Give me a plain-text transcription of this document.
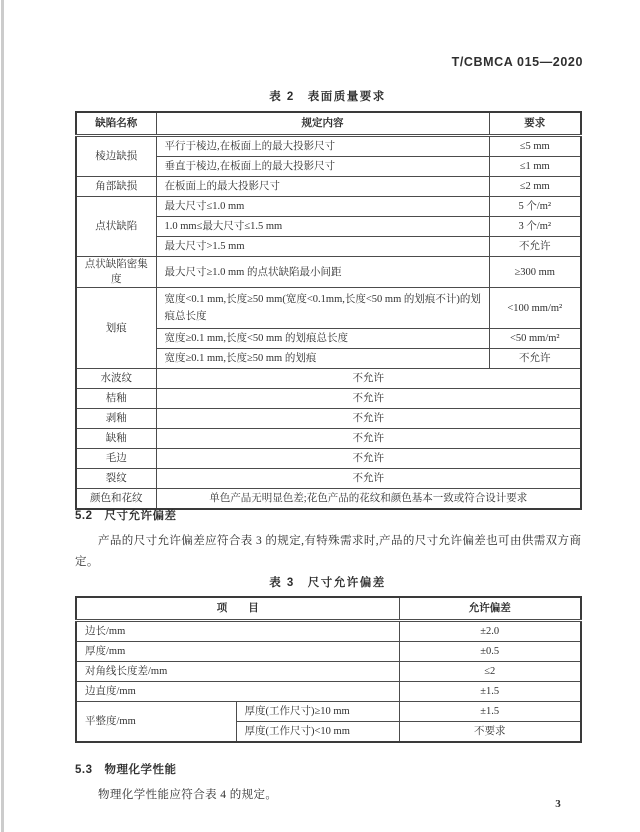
T/CBMCA 015—2020
表 2　表面质量要求
缺陷名称	规定内容	要求
棱边缺损	平行于棱边,在板面上的最大投影尺寸	≤5 mm
	垂直于棱边,在板面上的最大投影尺寸	≤1 mm
角部缺损	在板面上的最大投影尺寸	≤2 mm
点状缺陷	最大尺寸≤1.0 mm	5 个/m²
	1.0 mm≤最大尺寸≤1.5 mm	3 个/m²
	最大尺寸>1.5 mm	不允许
点状缺陷密集度	最大尺寸≥1.0 mm 的点状缺陷最小间距	≥300 mm
划痕	宽度<0.1 mm,长度≥50 mm(宽度<0.1mm,长度<50 mm 的划痕不计)的划痕总长度	<100 mm/m²
	宽度≥0.1 mm,长度<50 mm 的划痕总长度	<50 mm/m²
	宽度≥0.1 mm,长度≥50 mm 的划痕	不允许
水波纹	不允许	
桔釉	不允许	
剥釉	不允许	
缺釉	不允许	
毛边	不允许	
裂纹	不允许	
颜色和花纹	单色产品无明显色差;花色产品的花纹和颜色基本一致或符合设计要求	
5.2　尺寸允许偏差
产品的尺寸允许偏差应符合表 3 的规定,有特殊需求时,产品的尺寸允许偏差也可由供需双方商定。
表 3　尺寸允许偏差
项　　目		允许偏差
边长/mm		±2.0
厚度/mm		±0.5
对角线长度差/mm		≤2
边直度/mm		±1.5
平整度/mm	厚度(工作尺寸)≥10 mm	±1.5
	厚度(工作尺寸)<10 mm	不要求
5.3　物理化学性能
物理化学性能应符合表 4 的规定。
3
